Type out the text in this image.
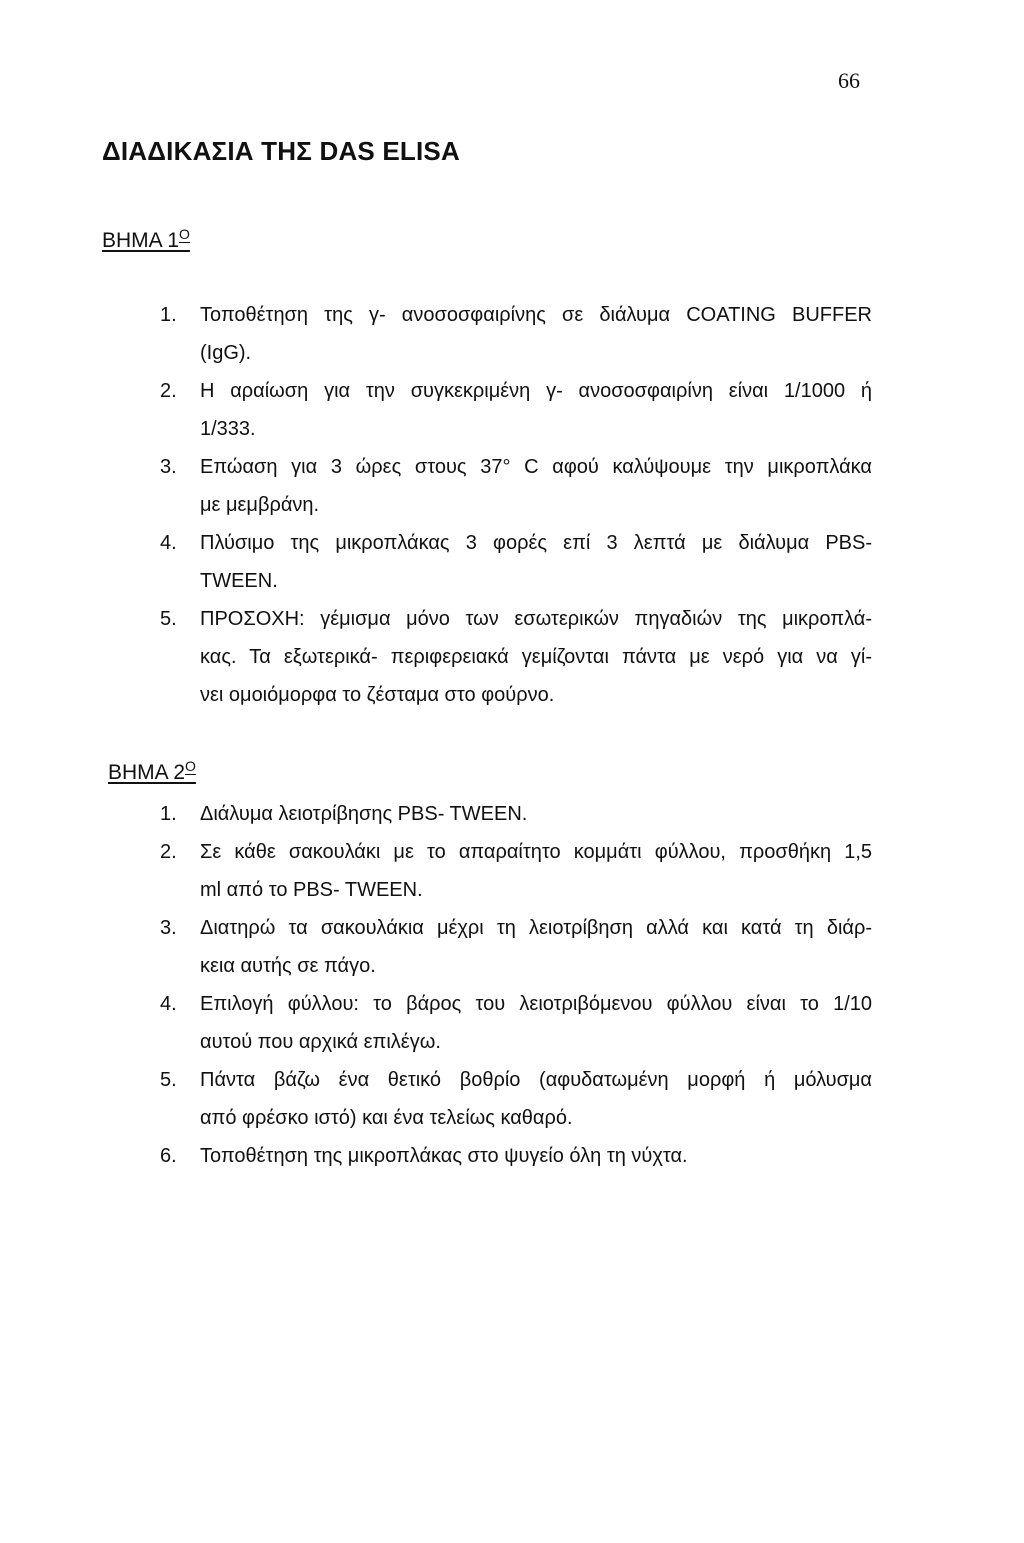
66
ΔΙΑΔΙΚΑΣΙΑ ΤΗΣ DAS ELISA
ΒΗΜΑ $1^O$
1. Τοποθέτηση της γ- ανοσοσφαιρίνης σε διάλυμα COATING BUFFER
(IgG).
2. Η αραίωση για την συγκεκριμένη γ- ανοσοσφαιρίνη είναι 1/1000 ή
1/333.
3. Επώαση για 3 ώρες στους 37° C αφού καλύψουμε την μικροπλάκα
με μεμβράνη.
4. Πλύσιμο της μικροπλάκας 3 φορές επί 3 λεπτά με διάλυμα PBS-
TWEEN.
5. ΠΡΟΣΟΧΗ: γέμισμα μόνο των εσωτερικών πηγαδιών της μικροπλά-
κας. Τα εξωτερικά- περιφερειακά γεμίζονται πάντα με νερό για να γί-
νει ομοιόμορφα το ζέσταμα στο φούρνο.
ΒΗΜΑ $2^O$
1. Διάλυμα λειοτρίβησης PBS- TWEEN.
2. Σε κάθε σακουλάκι με το απαραίτητο κομμάτι φύλλου, προσθήκη 1,5
ml από το PBS- TWEEN.
3. Διατηρώ τα σακουλάκια μέχρι τη λειοτρίβηση αλλά και κατά τη διάρ-
κεια αυτής σε πάγο.
4. Επιλογή φύλλου: το βάρος του λειοτριβόμενου φύλλου είναι το 1/10
αυτού που αρχικά επιλέγω.
5. Πάντα βάζω ένα θετικό βοθρίο (αφυδατωμένη μορφή ή μόλυσμα
από φρέσκο ιστό) και ένα τελείως καθαρό.
6. Τοποθέτηση της μικροπλάκας στο ψυγείο όλη τη νύχτα.
